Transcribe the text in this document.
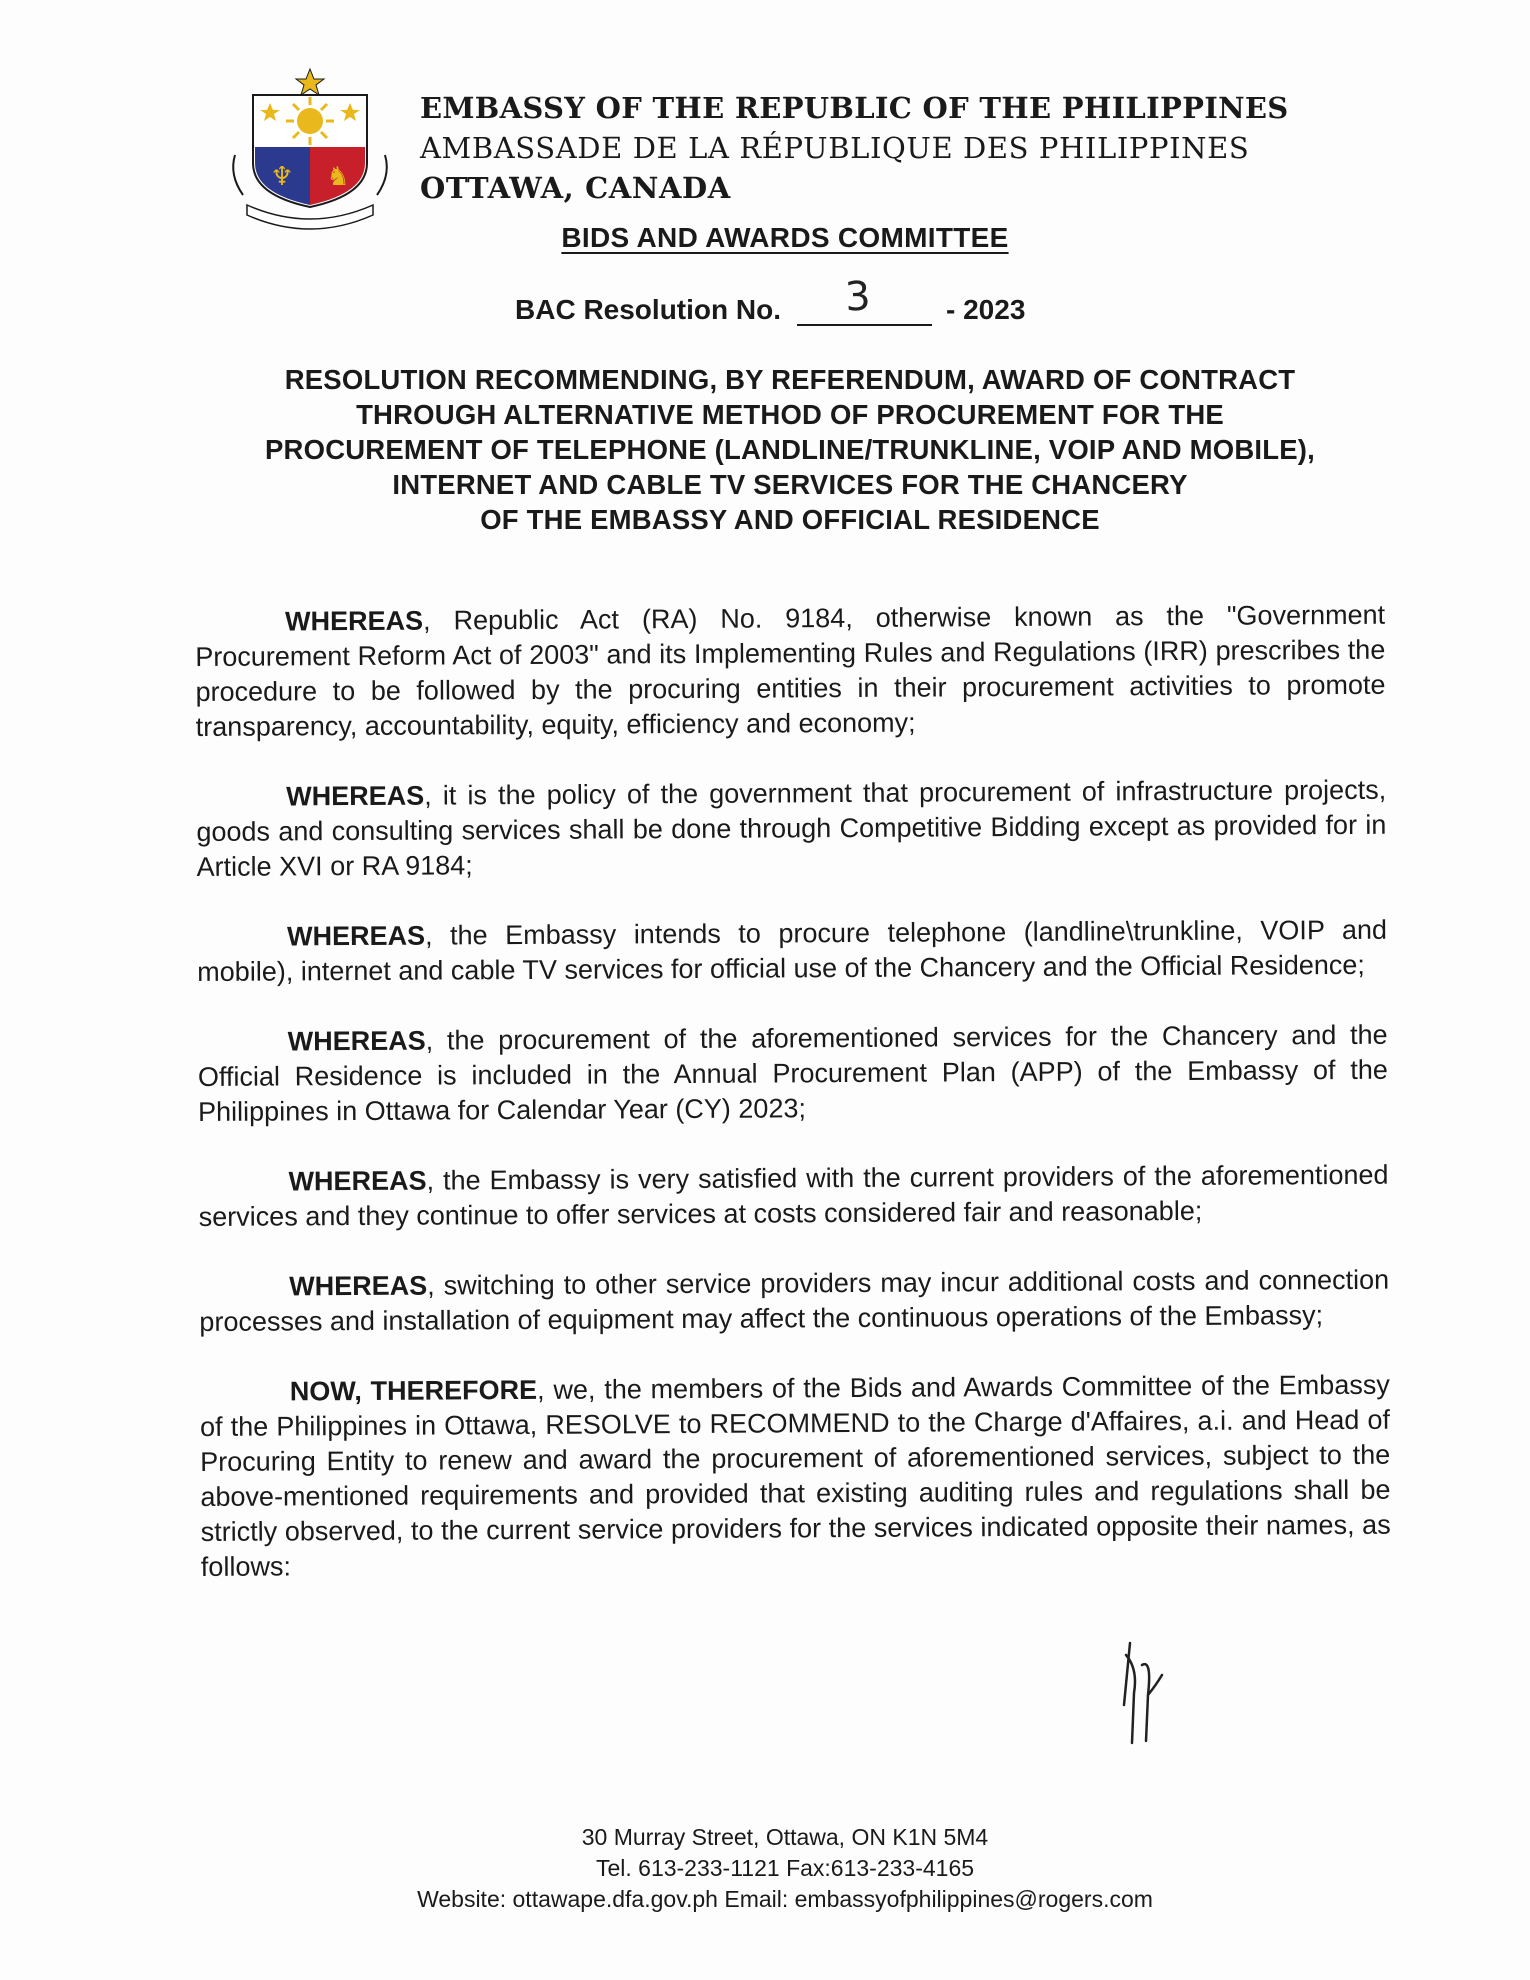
♆ ♞
EMBASSY OF THE REPUBLIC OF THE PHILIPPINES
AMBASSADE DE LA RÉPUBLIQUE DES PHILIPPINES
OTTAWA, CANADA
BIDS AND AWARDS COMMITTEE
BAC Resolution No. 3	- 2023
RESOLUTION RECOMMENDING, BY REFERENDUM, AWARD OF CONTRACT
THROUGH ALTERNATIVE METHOD OF PROCUREMENT FOR THE
PROCUREMENT OF TELEPHONE (LANDLINE/TRUNKLINE, VOIP AND MOBILE),
INTERNET AND CABLE TV SERVICES FOR THE CHANCERY
OF THE EMBASSY AND OFFICIAL RESIDENCE

WHEREAS, Republic Act (RA) No. 9184, otherwise known as the "Government Procurement Reform Act of 2003" and its Implementing Rules and Regulations (IRR) prescribes the procedure to be followed by the procuring entities in their procurement activities to promote transparency, accountability, equity, efficiency and economy;

WHEREAS, it is the policy of the government that procurement of infrastructure projects, goods and consulting services shall be done through Competitive Bidding except as provided for in Article XVI or RA 9184;

WHEREAS, the Embassy intends to procure telephone (landline\trunkline, VOIP and mobile), internet and cable TV services for official use of the Chancery and the Official Residence;

WHEREAS, the procurement of the aforementioned services for the Chancery and the Official Residence is included in the Annual Procurement Plan (APP) of the Embassy of the Philippines in Ottawa for Calendar Year (CY) 2023;

WHEREAS, the Embassy is very satisfied with the current providers of the aforementioned services and they continue to offer services at costs considered fair and reasonable;

WHEREAS, switching to other service providers may incur additional costs and connection processes and installation of equipment may affect the continuous operations of the Embassy;

NOW, THEREFORE, we, the members of the Bids and Awards Committee of the Embassy of the Philippines in Ottawa, RESOLVE to RECOMMEND to the Charge d'Affaires, a.i. and Head of Procuring Entity to renew and award the procurement of aforementioned services, subject to the above-mentioned requirements and provided that existing auditing rules and regulations shall be strictly observed, to the current service providers for the services indicated opposite their names, as follows:

30 Murray Street, Ottawa, ON K1N 5M4
Tel. 613-233-1121 Fax:613-233-4165
Website: ottawape.dfa.gov.ph Email: embassyofphilippines@rogers.com
